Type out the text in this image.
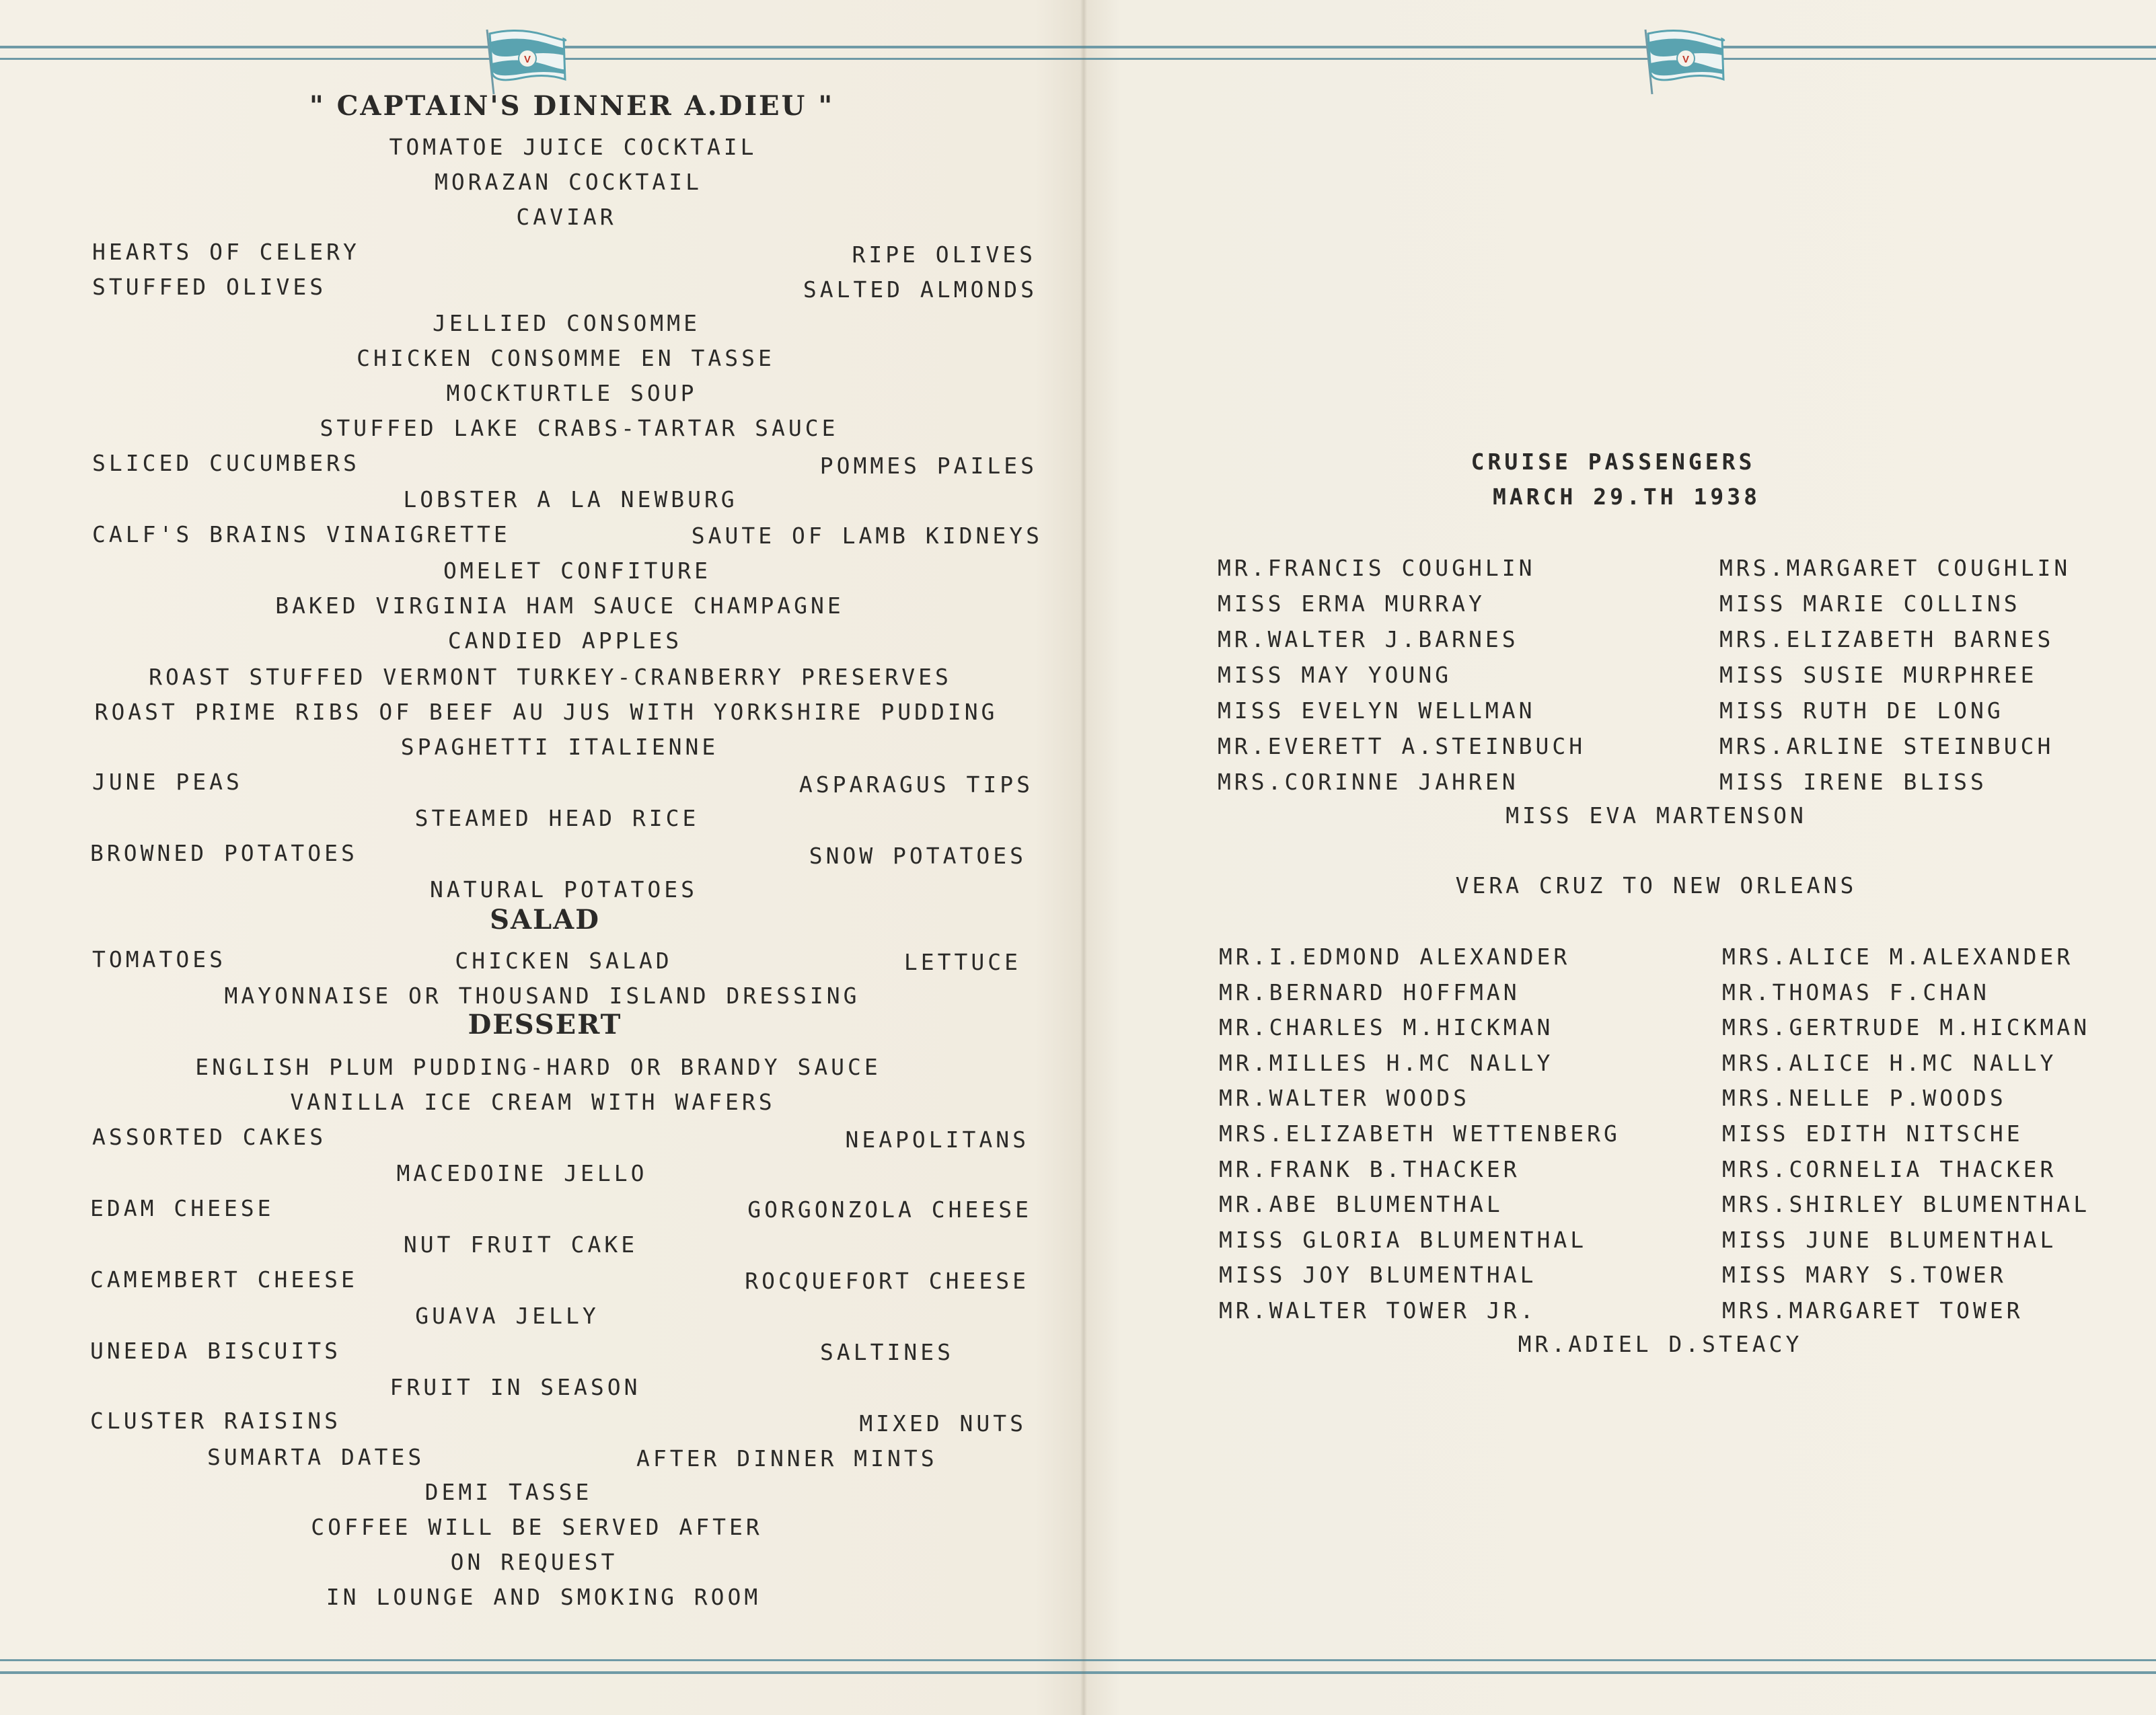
V	V
" CAPTAIN'S DINNER A.DIEU "
TOMATOE JUICE COCKTAIL
MORAZAN COCKTAIL
CAVIAR
HEARTS OF CELERY	RIPE OLIVES
STUFFED OLIVES	SALTED ALMONDS
JELLIED CONSOMME
CHICKEN CONSOMME EN TASSE
MOCKTURTLE SOUP
STUFFED LAKE CRABS-TARTAR SAUCE
SLICED CUCUMBERS	POMMES PAILES
LOBSTER A LA NEWBURG
CALF'S BRAINS VINAIGRETTE	SAUTE OF LAMB KIDNEYS
OMELET CONFITURE
BAKED VIRGINIA HAM SAUCE CHAMPAGNE
CANDIED APPLES
ROAST STUFFED VERMONT TURKEY-CRANBERRY PRESERVES
ROAST PRIME RIBS OF BEEF AU JUS WITH YORKSHIRE PUDDING
SPAGHETTI ITALIENNE
JUNE PEAS	ASPARAGUS TIPS
STEAMED HEAD RICE
BROWNED POTATOES	SNOW POTATOES
NATURAL POTATOES
SALAD
TOMATOES	CHICKEN SALAD	LETTUCE
MAYONNAISE OR THOUSAND ISLAND DRESSING
DESSERT
ENGLISH PLUM PUDDING-HARD OR BRANDY SAUCE
VANILLA ICE CREAM WITH WAFERS
ASSORTED CAKES	NEAPOLITANS
MACEDOINE JELLO
EDAM CHEESE	GORGONZOLA CHEESE
NUT FRUIT CAKE
CAMEMBERT CHEESE	ROCQUEFORT CHEESE
GUAVA JELLY
UNEEDA BISCUITS	SALTINES
FRUIT IN SEASON
CLUSTER RAISINS	MIXED NUTS
SUMARTA DATES	AFTER DINNER MINTS
DEMI TASSE
COFFEE WILL BE SERVED AFTER
ON REQUEST
IN LOUNGE AND SMOKING ROOM
CRUISE PASSENGERS
MARCH 29.TH 1938
MR.FRANCIS COUGHLIN	MRS.MARGARET COUGHLIN
MISS ERMA MURRAY	MISS MARIE COLLINS
MR.WALTER J.BARNES	MRS.ELIZABETH BARNES
MISS MAY YOUNG	MISS SUSIE MURPHREE
MISS EVELYN WELLMAN	MISS RUTH DE LONG
MR.EVERETT A.STEINBUCH	MRS.ARLINE STEINBUCH
MRS.CORINNE JAHREN	MISS IRENE BLISS
MISS EVA MARTENSON
VERA CRUZ TO NEW ORLEANS
MR.I.EDMOND ALEXANDER	MRS.ALICE M.ALEXANDER
MR.BERNARD HOFFMAN	MR.THOMAS F.CHAN
MR.CHARLES M.HICKMAN	MRS.GERTRUDE M.HICKMAN
MR.MILLES H.MC NALLY	MRS.ALICE H.MC NALLY
MR.WALTER WOODS	MRS.NELLE P.WOODS
MRS.ELIZABETH WETTENBERG	MISS EDITH NITSCHE
MR.FRANK B.THACKER	MRS.CORNELIA THACKER
MR.ABE BLUMENTHAL	MRS.SHIRLEY BLUMENTHAL
MISS GLORIA BLUMENTHAL	MISS JUNE BLUMENTHAL
MISS JOY BLUMENTHAL	MISS MARY S.TOWER
MR.WALTER TOWER JR.	MRS.MARGARET TOWER
MR.ADIEL D.STEACY
